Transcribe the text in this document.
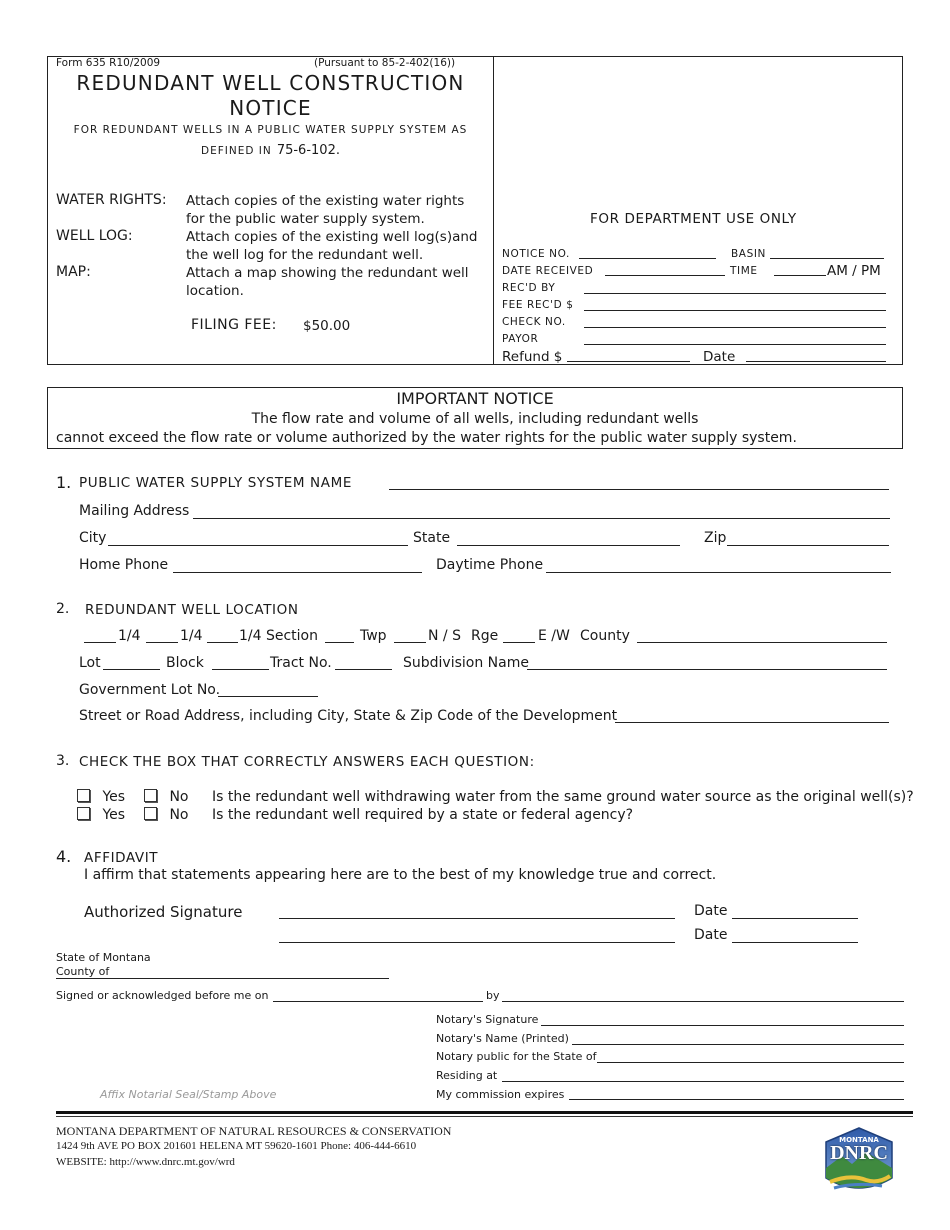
Form 635 R10/2009	(Pursuant to 85-2-402(16))
REDUNDANT WELL CONSTRUCTION
NOTICE
FOR REDUNDANT WELLS IN A PUBLIC WATER SUPPLY SYSTEM AS
DEFINED IN 75-6-102.
WATER RIGHTS: Attach copies of the existing water rights
for the public water supply system.
WELL LOG:	Attach copies of the existing well log(s)and
the well log for the redundant well.
MAP:	Attach a map showing the redundant well
location.
FILING FEE: $50.00
FOR DEPARTMENT USE ONLY
NOTICE NO.	BASIN
DATE RECEIVED	TIME	AM / PM
REC'D BY
FEE REC'D $
CHECK NO.
PAYOR
Refund $	Date
IMPORTANT NOTICE
The flow rate and volume of all wells, including redundant wells
cannot exceed the flow rate or volume authorized by the water rights for the public water supply system.
1. PUBLIC WATER SUPPLY SYSTEM NAME
Mailing Address
City	State	Zip
Home Phone	Daytime Phone
2. REDUNDANT WELL LOCATION
1/4	1/4	1/4 Section	Twp	N / S Rge	E /W County
Lot	Block	Tract No.	Subdivision Name
Government Lot No.
Street or Road Address, including City, State & Zip Code of the Development
3. CHECK THE BOX THAT CORRECTLY ANSWERS EACH QUESTION:
Yes	No Is the redundant well withdrawing water from the same ground water source as the original well(s)?
Yes	No Is the redundant well required by a state or federal agency?
4. AFFIDAVIT
I affirm that statements appearing here are to the best of my knowledge true and correct.
Authorized Signature	Date
Date
State of Montana
County of
Signed or acknowledged before me on	by
Notary's Signature
Notary's Name (Printed)
Notary public for the State of
Residing at
My commission expires
Affix Notarial Seal/Stamp Above
MONTANA DEPARTMENT OF NATURAL RESOURCES & CONSERVATION
1424 9th AVE PO BOX 201601 HELENA MT 59620-1601 Phone: 406-444-6610
WEBSITE: http://www.dnrc.mt.gov/wrd
MONTANA
DNRC
